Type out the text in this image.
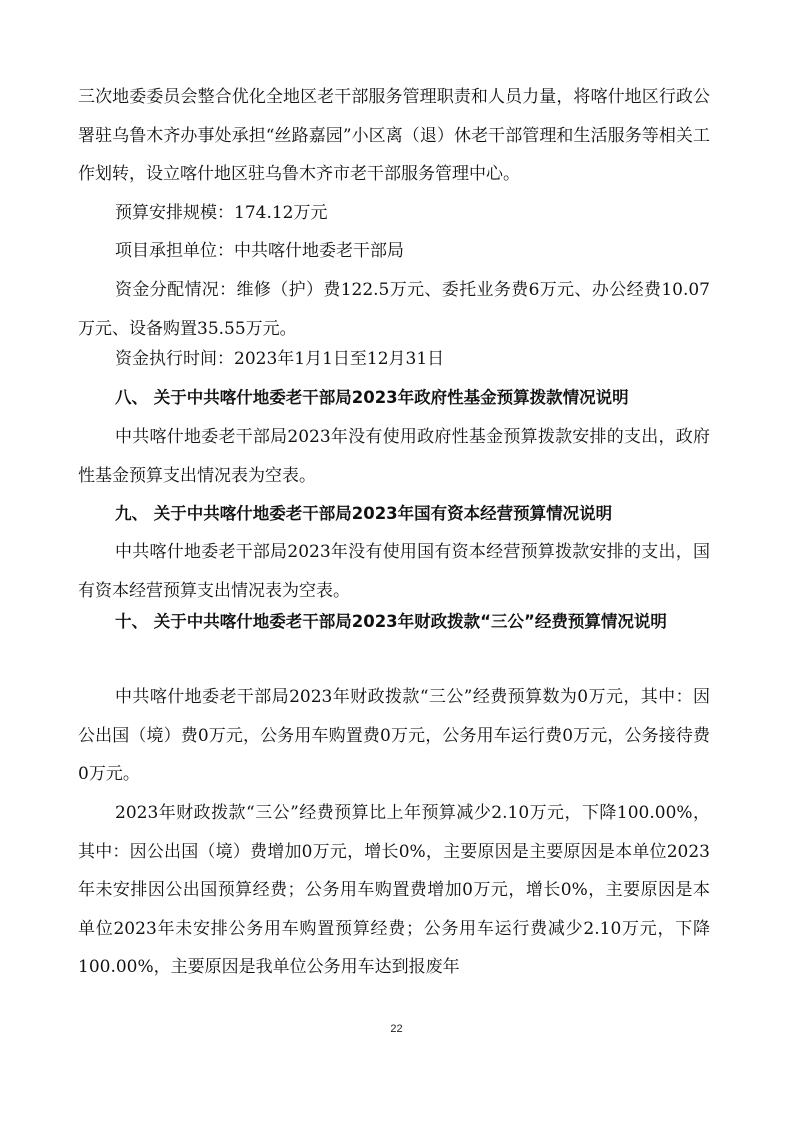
三次地委委员会整合优化全地区老干部服务管理职责和人员力量，将喀什地区行政公署驻乌鲁木齐办事处承担“丝路嘉园”小区离（退）休老干部管理和生活服务等相关工作划转，设立喀什地区驻乌鲁木齐市老干部服务管理中心。

预算安排规模：174.12万元

项目承担单位：中共喀什地委老干部局

资金分配情况：维修（护）费122.5万元、委托业务费6万元、办公经费10.07万元、设备购置35.55万元。

资金执行时间：2023年1月1日至12月31日

八、 关于中共喀什地委老干部局2023年政府性基金预算拨款情况说明

中共喀什地委老干部局2023年没有使用政府性基金预算拨款安排的支出，政府性基金预算支出情况表为空表。

九、 关于中共喀什地委老干部局2023年国有资本经营预算情况说明

中共喀什地委老干部局2023年没有使用国有资本经营预算拨款安排的支出，国有资本经营预算支出情况表为空表。

十、 关于中共喀什地委老干部局2023年财政拨款“三公”经费预算情况说明

中共喀什地委老干部局2023年财政拨款“三公”经费预算数为0万元，其中：因公出国（境）费0万元，公务用车购置费0万元，公务用车运行费0万元，公务接待费0万元。

2023年财政拨款“三公”经费预算比上年预算减少2.10万元，下降100.00%，其中：因公出国（境）费增加0万元，增长0%，主要原因是主要原因是本单位2023年未安排因公出国预算经费；公务用车购置费增加0万元，增长0%，主要原因是本单位2023年未安排公务用车购置预算经费；公务用车运行费减少2.10万元，下降100.00%，主要原因是我单位公务用车达到报废年

22
